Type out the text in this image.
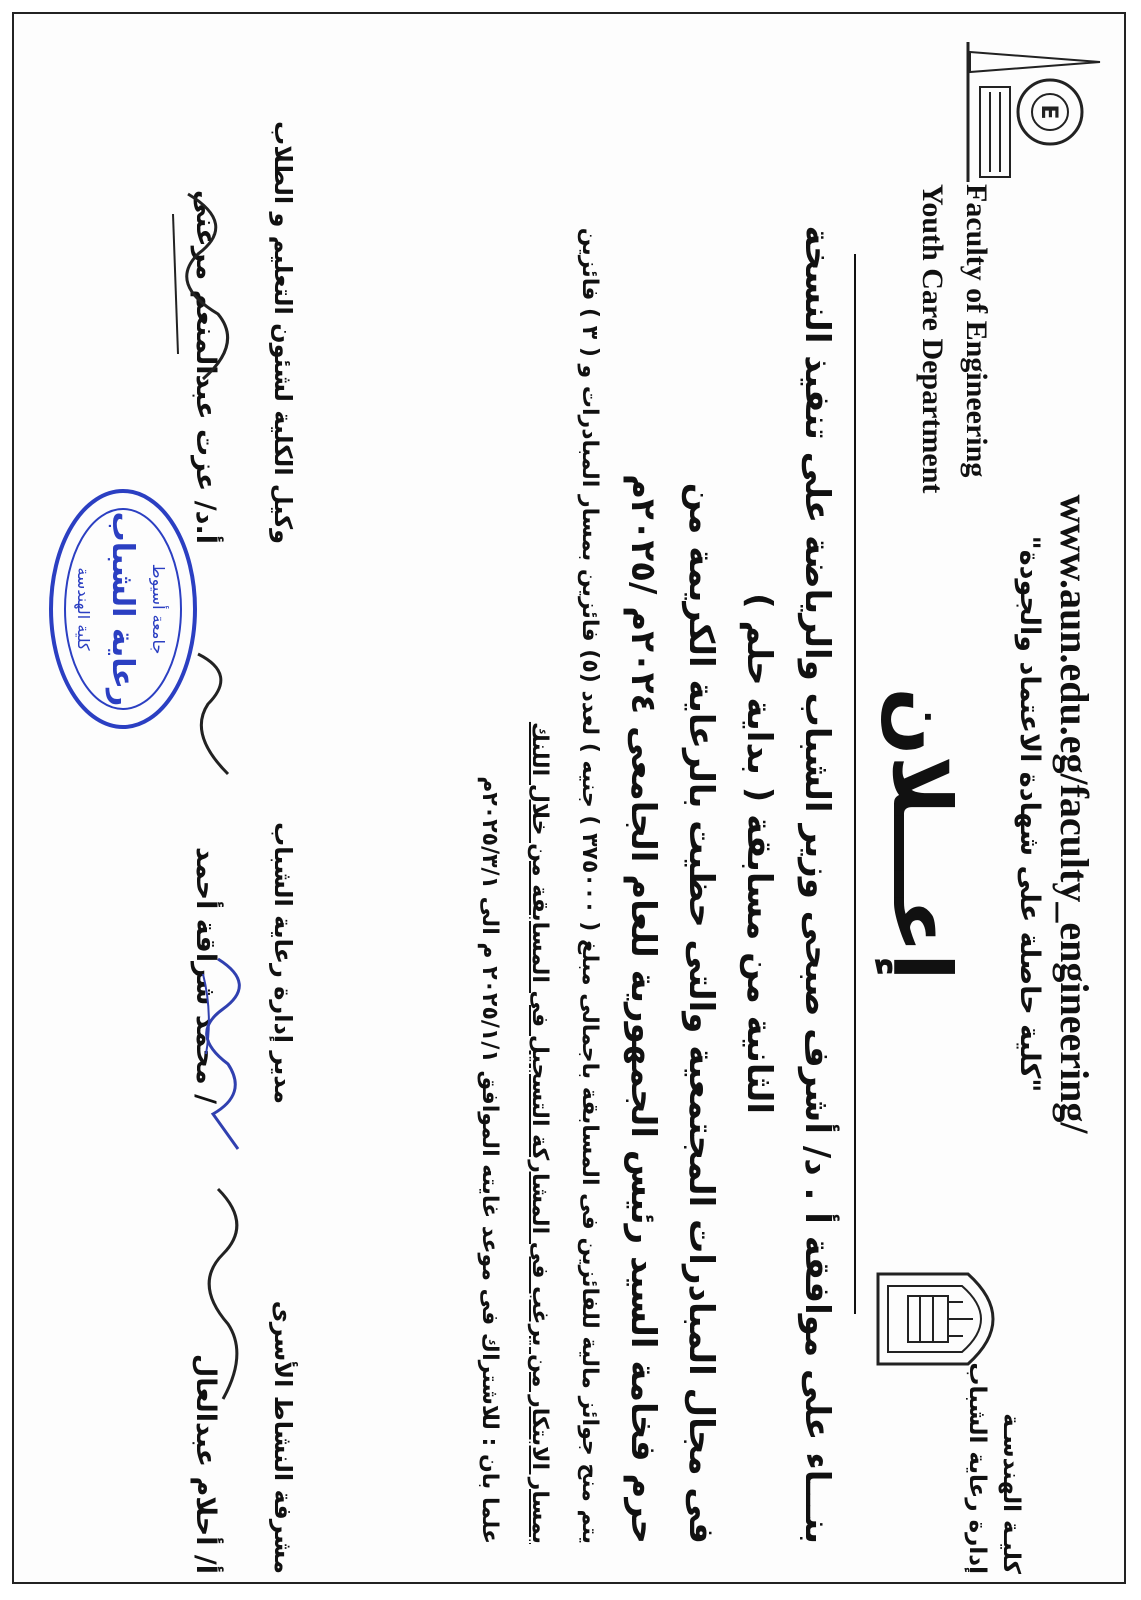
E
Faculty of Engineering
Youth Care Department
www.aun.edu.eg/faculty_engineering/
"كلية حاصلة على شهادة الاعتماد والجودة"
إعـــلان
كليـة الهندسـة
إدارة رعاية الشباب

بنـــاء على موافقة أ . د/ أشرف صبحى وزير الشباب والرياضة على تنفيذ النسخة

الثانية من مسابقة ( بداية حلم )

فى مجال المبادرات المجتمعية والتى حظيت بالرعاية الكريمة من

حرم فخامة السيد رئيس الجمهورية للعام الجامعى ٢٠٢٤م /٢٠٢٥م

يتم منح جوائز مالية للفائزين فى المسابقة باجمالى مبلغ ( ٣٧٥٠٠٠ ) جنيه ) لعدد (٥) فائزين بمسار المبادرات و ( ٣ ) فائزين

بمسار الابتكار من يرغب فى المشاركة التسجيل فى المسابقة من خلال اللنك

علما بان : للاشتراك فى موعد غايته الموافق ٢٠٢٥/١/١ م الى ٢٠٢٥/٣/١م

مشرفة النشاط الأسرى
أ/ أحلام عبدالعال
مدير إدارة رعاية الشباب
/ محمد شراقة أحمد
وكيل الكلية لشئون التعليم و الطلاب
أ.د/ عزت عبدالمنعم مرغنى
جامعة أسيوط
رعاية الشباب
كلية الهندسة
